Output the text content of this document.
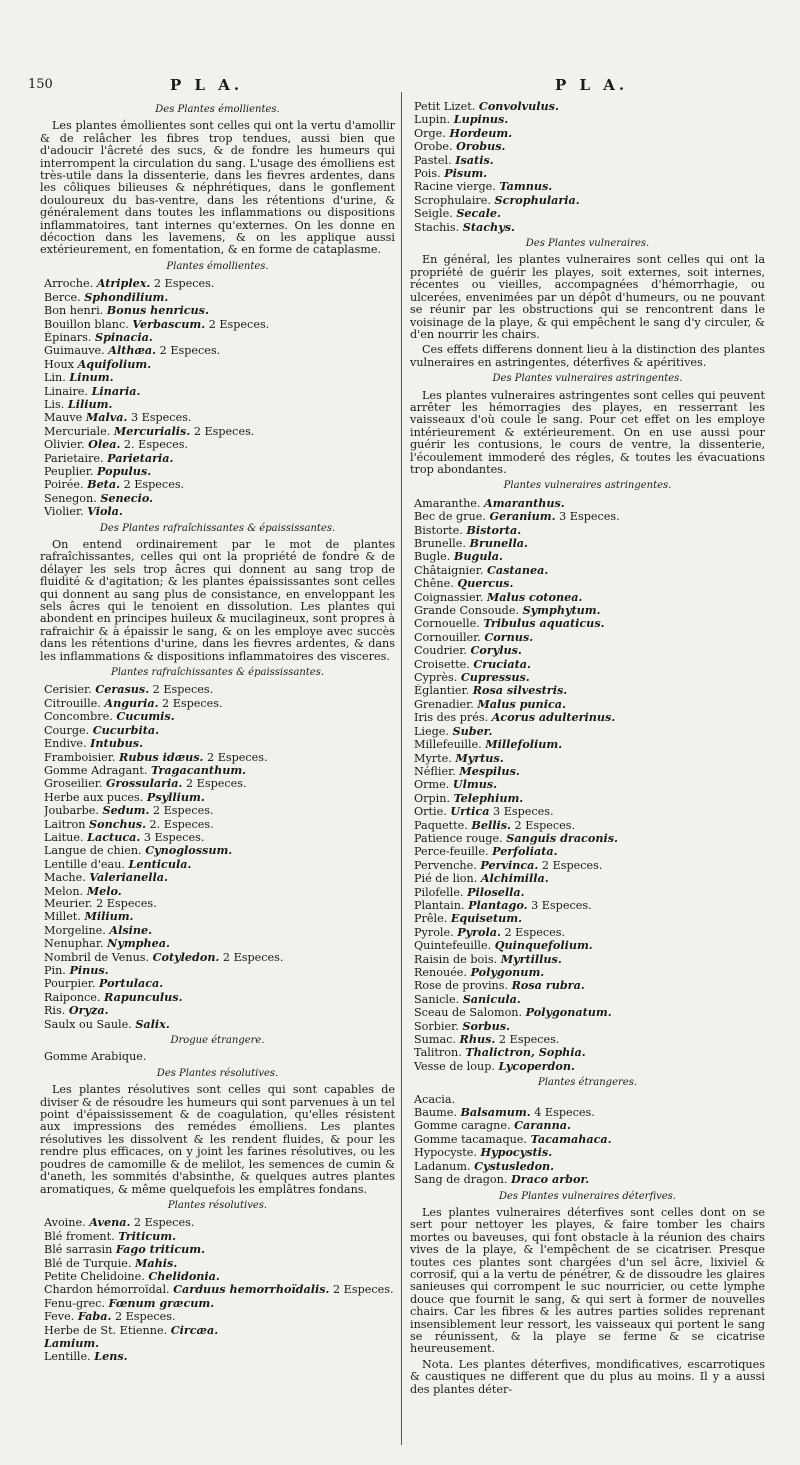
150	P L A.	P L A.
Des Plantes émollientes.

Les plantes émollientes sont celles qui ont la vertu d'amollir & de relâcher les fibres trop tendues, aussi bien que d'adoucir l'âcreté des sucs, & de fondre les humeurs qui interrompent la circulation du sang. L'usage des émolliens est très-utile dans la dissenterie, dans les fievres ardentes, dans les côliques bilieuses & néphrétiques, dans le gonflement douloureux du bas-ventre, dans les rétentions d'urine, & généralement dans toutes les inflammations ou dispositions inflammatoires, tant internes qu'externes. On les donne en décoction dans les lavemens, & on les applique aussi extérieurement, en fomentation, & en forme de cataplasme.

Plantes émollientes.
Arroche. Atriplex. 2 Especes.
Berce. Sphondilium.
Bon henri. Bonus henricus.
Bouillon blanc. Verbascum. 2 Especes.
Épinars. Spinacia.
Guimauve. Althæa. 2 Especes.
Houx Aquifolium.
Lin. Linum.
Linaire. Linaria.
Lis. Lilium.
Mauve Malva. 3 Especes.
Mercuriale. Mercurialis. 2 Especes.
Olivier. Olea. 2. Especes.
Parietaire. Parietaria.
Peuplier. Populus.
Poirée. Beta. 2 Especes.
Senegon. Senecio.
Violier. Viola.
Des Plantes rafraîchissantes & épaississantes.

On entend ordinairement par le mot de plantes rafraîchissantes, celles qui ont la propriété de fondre & de délayer les sels trop âcres qui donnent au sang trop de fluidité & d'agitation; & les plantes épaississantes sont celles qui donnent au sang plus de consistance, en enveloppant les sels âcres qui le tenoient en dissolution. Les plantes qui abondent en principes huileux & mucilagineux, sont propres à rafraichir & à épaissir le sang, & on les employe avec succès dans les rétentions d'urine, dans les fievres ardentes, & dans les inflammations & dispositions inflammatoires des visceres.

Plantes rafraîchissantes & épaississantes.
Cerisier. Cerasus. 2 Especes.
Citrouille. Anguria. 2 Especes.
Concombre. Cucumis.
Courge. Cucurbita.
Endive. Intubus.
Framboisier. Rubus idæus. 2 Especes.
Gomme Adragant. Tragacanthum.
Groseilier. Grossularia. 2 Especes.
Herbe aux puces. Psyllium.
Joubarbe. Sedum. 2 Especes.
Laitron Sonchus. 2. Especes.
Laitue. Lactuca. 3 Especes.
Langue de chien. Cynoglossum.
Lentille d'eau. Lenticula.
Mache. Valerianella.
Melon. Melo.
Meurier. 2 Especes.
Millet. Milium.
Morgeline. Alsine.
Nenuphar. Nymphea.
Nombril de Venus. Cotyledon. 2 Especes.
Pin. Pinus.
Pourpier. Portulaca.
Raiponce. Rapunculus.
Ris. Oryza.
Saulx ou Saule. Salix.
Drogue étrangere.
Gomme Arabique.
Des Plantes résolutives.

Les plantes résolutives sont celles qui sont capables de diviser & de résoudre les humeurs qui sont parvenues à un tel point d'épaississement & de coagulation, qu'elles résistent aux impressions des remédes émolliens. Les plantes résolutives les dissolvent & les rendent fluides, & pour les rendre plus efficaces, on y joint les farines résolutives, ou les poudres de camomille & de melilot, les semences de cumin & d'aneth, les sommités d'absinthe, & quelques autres plantes aromatiques, & même quelquefois les emplâtres fondans.

Plantes résolutives.
Avoine. Avena. 2 Especes.
Blé froment. Triticum.
Blé sarrasin Fago triticum.
Blé de Turquie. Mahis.
Petite Chelidoine. Chelidonia.
Chardon hémorroïdal. Carduus hemorrhoïdalis. 2 Especes.
Fenu-grec. Fœnum græcum.
Feve. Faba. 2 Especes.
Herbe de St. Etienne. Circæa.
Lamium.
Lentille. Lens.
Petit Lizet. Convolvulus.
Lupin. Lupinus.
Orge. Hordeum.
Orobe. Orobus.
Pastel. Isatis.
Pois. Pisum.
Racine vierge. Tamnus.
Scrophulaire. Scrophularia.
Seigle. Secale.
Stachis. Stachys.
Des Plantes vulneraires.

En général, les plantes vulneraires sont celles qui ont la propriété de guérir les playes, soit externes, soit internes, récentes ou vieilles, accompagnées d'hémorrhagie, ou ulcerées, envenimées par un dépôt d'humeurs, ou ne pouvant se réunir par les obstructions qui se rencontrent dans le voisinage de la playe, & qui empêchent le sang d'y circuler, & d'en nourrir les chairs.

Ces effets differens donnent lieu à la distinction des plantes vulneraires en astringentes, déterfives & apéritives.

Des Plantes vulneraires astringentes.

Les plantes vulneraires astringentes sont celles qui peuvent arrêter les hémorragies des playes, en resserrant les vaisseaux d'où coule le sang. Pour cet effet on les employe intérieurement & extérieurement. On en use aussi pour guérir les contusions, le cours de ventre, la dissenterie, l'écoulement immoderé des régles, & toutes les évacuations trop abondantes.

Plantes vulneraires astringentes.
Amaranthe. Amaranthus.
Bec de grue. Geranium. 3 Especes.
Bistorte. Bistorta.
Brunelle. Brunella.
Bugle. Bugula.
Châtaignier. Castanea.
Chêne. Quercus.
Coignassier. Malus cotonea.
Grande Consoude. Symphytum.
Cornouelle. Tribulus aquaticus.
Cornouiller. Cornus.
Coudrier. Corylus.
Croisette. Cruciata.
Cyprès. Cupressus.
Églantier. Rosa silvestris.
Grenadier. Malus punica.
Iris des prés. Acorus adulterinus.
Liege. Suber.
Millefeuille. Millefolium.
Myrte. Myrtus.
Néflier. Mespilus.
Orme. Ulmus.
Orpin. Telephium.
Ortie. Urtica 3 Especes.
Paquette. Bellis. 2 Especes.
Patience rouge. Sanguis draconis.
Perce-feuille. Perfoliata.
Pervenche. Pervinca. 2 Especes.
Pié de lion. Alchimilla.
Pilofelle. Pilosella.
Plantain. Plantago. 3 Especes.
Prêle. Equisetum.
Pyrole. Pyrola. 2 Especes.
Quintefeuille. Quinquefolium.
Raisin de bois. Myrtillus.
Renouée. Polygonum.
Rose de provins. Rosa rubra.
Sanicle. Sanicula.
Sceau de Salomon. Polygonatum.
Sorbier. Sorbus.
Sumac. Rhus. 2 Especes.
Talitron. Thalictron, Sophia.
Vesse de loup. Lycoperdon.
Plantes étrangeres.
Acacia.
Baume. Balsamum. 4 Especes.
Gomme caragne. Caranna.
Gomme tacamaque. Tacamahaca.
Hypocyste. Hypocystis.
Ladanum. Cystusledon.
Sang de dragon. Draco arbor.
Des Plantes vulneraires déterfives.

Les plantes vulneraires déterfives sont celles dont on se sert pour nettoyer les playes, & faire tomber les chairs mortes ou baveuses, qui font obstacle à la réunion des chairs vives de la playe, & l'empêchent de se cicatriser. Presque toutes ces plantes sont chargées d'un sel âcre, lixiviel & corrosif, qui a la vertu de pénétrer, & de dissoudre les glaires sanieuses qui corrompent le suc nourricier, ou cette lymphe douce que fournit le sang, & qui sert à former de nouvelles chairs. Car les fibres & les autres parties solides reprenant insensiblement leur ressort, les vaisseaux qui portent le sang se réunissent, & la playe se ferme & se cicatrise heureusement.

Nota. Les plantes déterfives, mondificatives, escarrotiques & caustiques ne different que du plus au moins. Il y a aussi des plantes déter-
